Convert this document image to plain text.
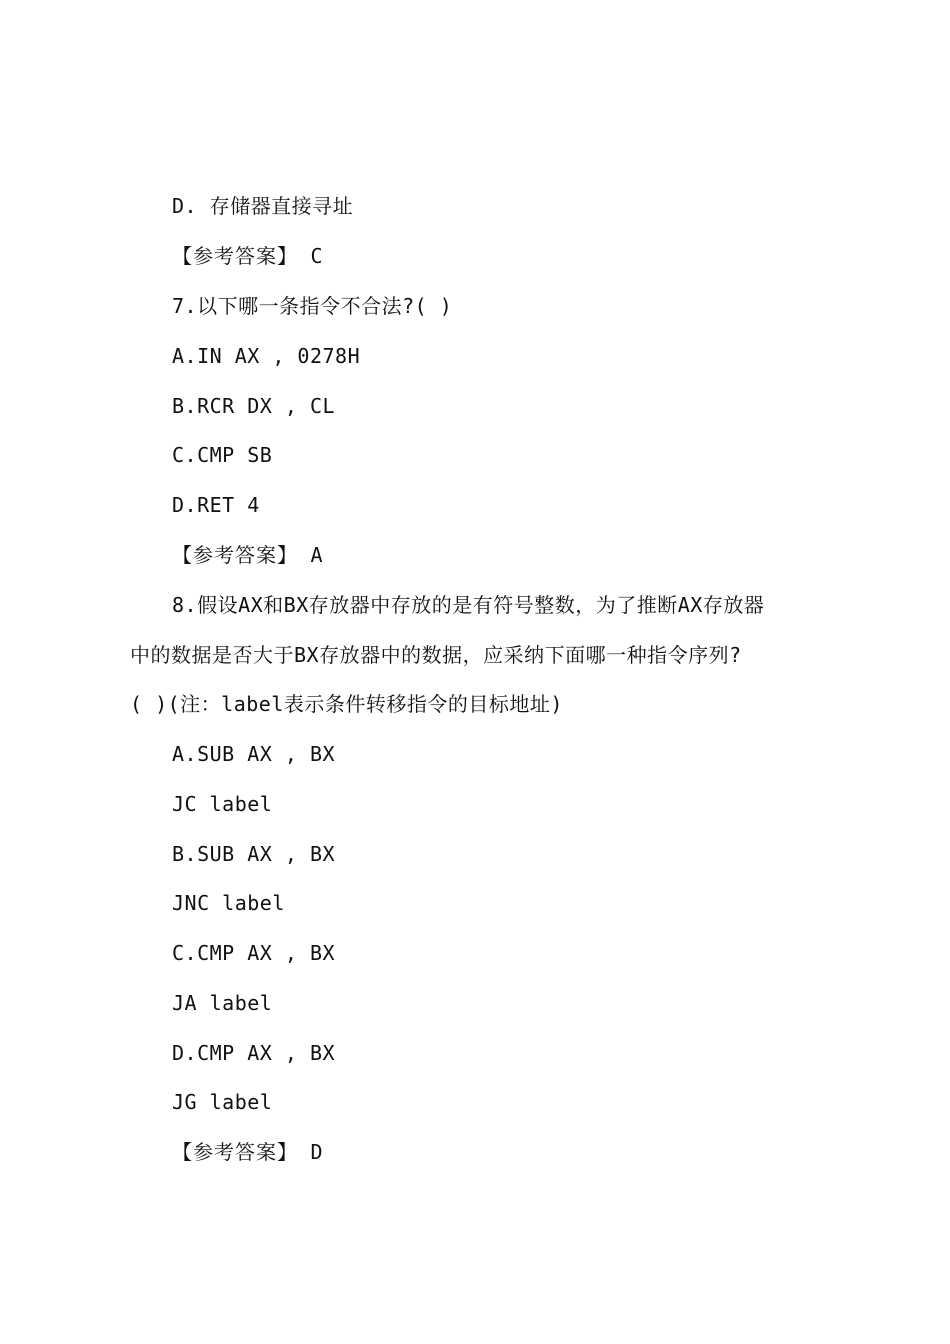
D. 存储器直接寻址
【参考答案】 C
7.以下哪一条指令不合法?( )
A.IN AX , 0278H
B.RCR DX , CL
C.CMP SB
D.RET 4
【参考答案】 A
8.假设AX和BX存放器中存放的是有符号整数，为了推断AX存放器
中的数据是否大于BX存放器中的数据，应采纳下面哪一种指令序列?
( )(注：label表示条件转移指令的目标地址)
A.SUB AX , BX
JC label
B.SUB AX , BX
JNC label
C.CMP AX , BX
JA label
D.CMP AX , BX
JG label
【参考答案】 D
